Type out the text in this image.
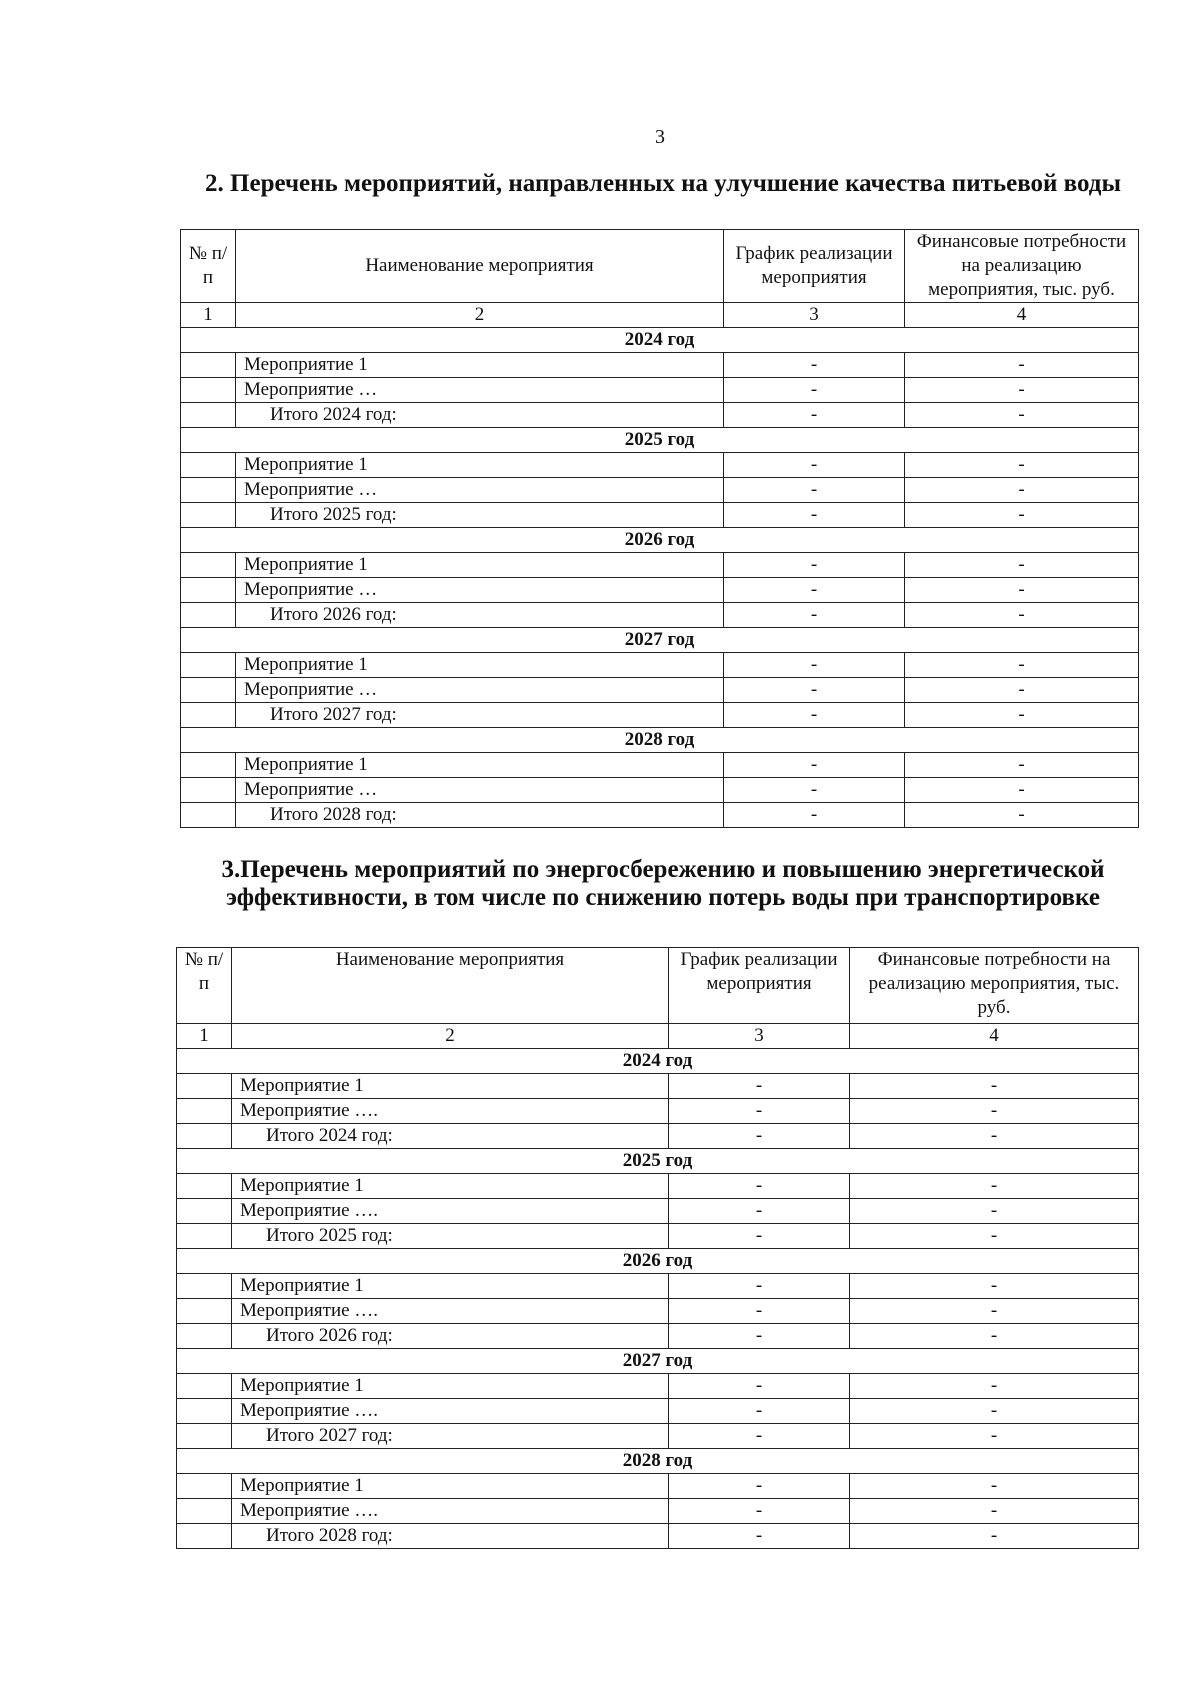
3
2. Перечень мероприятий, направленных на улучшение качества питьевой воды
№ п/п	Наименование мероприятия	График реализации мероприятия	Финансовые потребности на реализацию мероприятия, тыс. руб.
1	2	3	4
2024 год			
	Мероприятие 1	-	-
	Мероприятие …	-	-
	Итого 2024 год:	-	-
2025 год			
	Мероприятие 1	-	-
	Мероприятие …	-	-
	Итого 2025 год:	-	-
2026 год			
	Мероприятие 1	-	-
	Мероприятие …	-	-
	Итого 2026 год:	-	-
2027 год			
	Мероприятие 1	-	-
	Мероприятие …	-	-
	Итого 2027 год:	-	-
2028 год			
	Мероприятие 1	-	-
	Мероприятие …	-	-
	Итого 2028 год:	-	-
3.Перечень мероприятий по энергосбережению и повышению энергетической эффективности, в том числе по снижению потерь воды при транспортировке
№ п/п	Наименование мероприятия	График реализации мероприятия	Финансовые потребности на реализацию мероприятия, тыс. руб.
1	2	3	4
2024 год			
	Мероприятие 1	-	-
	Мероприятие ….	-	-
	Итого 2024 год:	-	-
2025 год			
	Мероприятие 1	-	-
	Мероприятие ….	-	-
	Итого 2025 год:	-	-
2026 год			
	Мероприятие 1	-	-
	Мероприятие ….	-	-
	Итого 2026 год:	-	-
2027 год			
	Мероприятие 1	-	-
	Мероприятие ….	-	-
	Итого 2027 год:	-	-
2028 год			
	Мероприятие 1	-	-
	Мероприятие ….	-	-
	Итого 2028 год:	-	-
